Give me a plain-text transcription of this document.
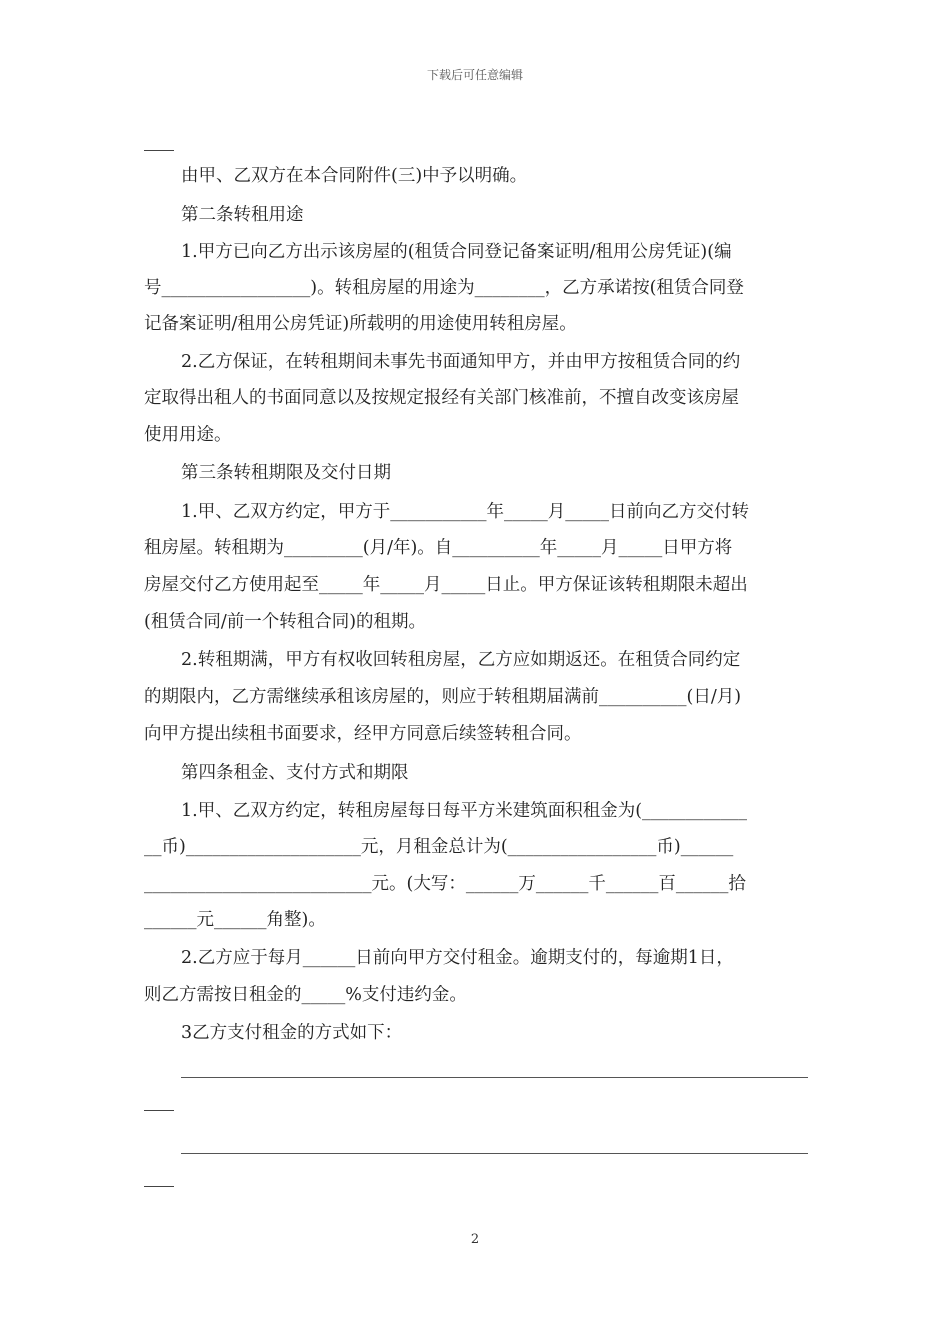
下载后可任意编辑
由甲、乙双方在本合同附件(三)中予以明确。
第二条转租用途
1.甲方已向乙方出示该房屋的(租赁合同登记备案证明/租用公房凭证)(编
号_________________)。转租房屋的用途为________，乙方承诺按(租赁合同登
记备案证明/租用公房凭证)所载明的用途使用转租房屋。
2.乙方保证，在转租期间未事先书面通知甲方，并由甲方按租赁合同的约
定取得出租人的书面同意以及按规定报经有关部门核准前，不擅自改变该房屋
使用用途。
第三条转租期限及交付日期
1.甲、乙双方约定，甲方于___________年_____月_____日前向乙方交付转
租房屋。转租期为_________(月/年)。自__________年_____月_____日甲方将
房屋交付乙方使用起至_____年_____月_____日止。甲方保证该转租期限未超出
(租赁合同/前一个转租合同)的租期。
2.转租期满，甲方有权收回转租房屋，乙方应如期返还。在租赁合同约定
的期限内，乙方需继续承租该房屋的，则应于转租期届满前__________(日/月)
向甲方提出续租书面要求，经甲方同意后续签转租合同。
第四条租金、支付方式和期限
1.甲、乙双方约定，转租房屋每日每平方米建筑面积租金为(____________
__币)____________________元，月租金总计为(_________________币)______
__________________________元。(大写：______万______千______百______拾
______元______角整)。
2.乙方应于每月______日前向甲方交付租金。逾期支付的，每逾期1日，
则乙方需按日租金的_____%支付违约金。
3乙方支付租金的方式如下：
2
